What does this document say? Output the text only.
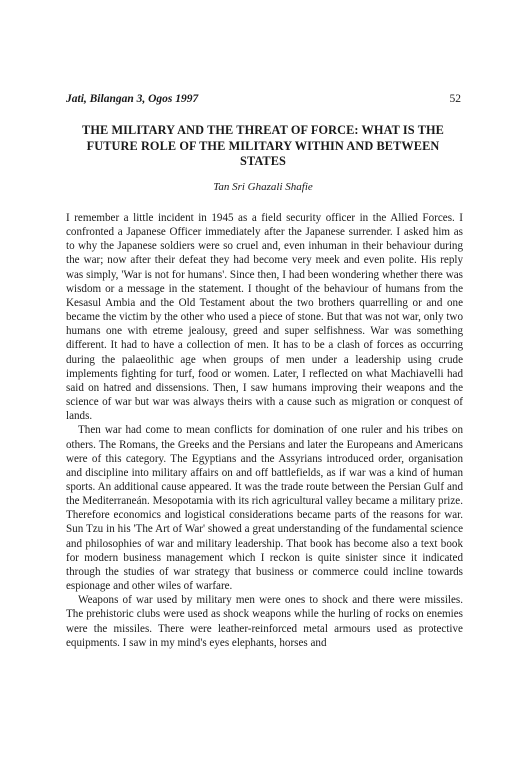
Jati, Bilangan 3, Ogos 1997	52
THE MILITARY AND THE THREAT OF FORCE: WHAT IS THE
FUTURE ROLE OF THE MILITARY WITHIN AND BETWEEN
STATES
Tan Sri Ghazali Shafie

I remember a little incident in 1945 as a field security officer in the Allied Forces. I confronted a Japanese Officer immediately after the Japanese surrender. I asked him as to why the Japanese soldiers were so cruel and, even inhuman in their behaviour during the war; now after their defeat they had become very meek and even polite. His reply was simply, 'War is not for humans'. Since then, I had been wondering whether there was wisdom or a message in the statement. I thought of the behaviour of humans from the Kesasul Ambia and the Old Testament about the two brothers quarrelling or and one became the victim by the other who used a piece of stone. But that was not war, only two humans one with etreme jealousy, greed and super selfishness. War was something different. It had to have a collection of men. It has to be a clash of forces as occurring during the palaeolithic age when groups of men under a leadership using crude implements fighting for turf, food or women. Later, I reflected on what Machiavelli had said on hatred and dissensions. Then, I saw humans improving their weapons and the science of war but war was always theirs with a cause such as migration or conquest of lands.

Then war had come to mean conflicts for domination of one ruler and his tribes on others. The Romans, the Greeks and the Persians and later the Europeans and Americans were of this category. The Egyptians and the Assyrians introduced order, organisation and discipline into military affairs on and off battlefields, as if war was a kind of human sports. An additional cause appeared. It was the trade route between the Persian Gulf and the Mediterraneán. Mesopotamia with its rich agricultural valley became a military prize. Therefore economics and logistical considerations became parts of the reasons for war. Sun Tzu in his 'The Art of War' showed a great understanding of the fundamental science and philosophies of war and military leadership. That book has become also a text book for modern business management which I reckon is quite sinister since it indicated through the studies of war strategy that business or commerce could incline towards espionage and other wiles of warfare.

Weapons of war used by military men were ones to shock and there were missiles. The prehistoric clubs were used as shock weapons while the hurling of rocks on enemies were the missiles. There were leather-reinforced metal armours used as protective equipments. I saw in my mind's eyes elephants, horses and
